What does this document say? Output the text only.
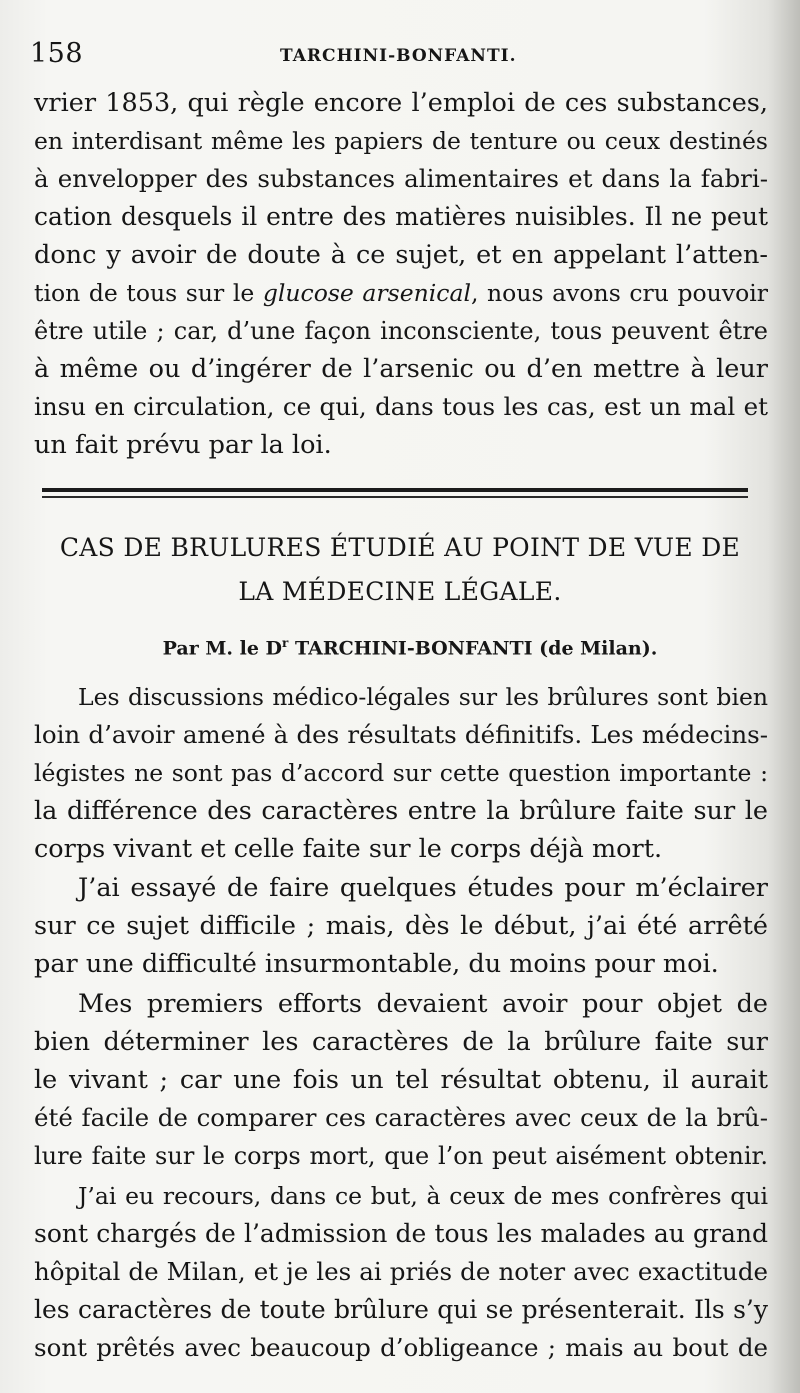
158	TARCHINI-BONFANTI.
vrier 1853, qui règle encore l’emploi de ces substances,
en interdisant même les papiers de tenture ou ceux destinés
à envelopper des substances alimentaires et dans la fabri-
cation desquels il entre des matières nuisibles. Il ne peut
donc y avoir de doute à ce sujet, et en appelant l’atten-
tion de tous sur le glucose arsenical, nous avons cru pouvoir
être utile ; car, d’une façon inconsciente, tous peuvent être
à même ou d’ingérer de l’arsenic ou d’en mettre à leur
insu en circulation, ce qui, dans tous les cas, est un mal et
un fait prévu par la loi.
CAS DE BRULURES ÉTUDIÉ AU POINT DE VUE DE
LA MÉDECINE LÉGALE.
Par M. le $D^r$ TARCHINI-BONFANTI (de Milan).
Les discussions médico-légales sur les brûlures sont bien
loin d’avoir amené à des résultats définitifs. Les médecins-
légistes ne sont pas d’accord sur cette question importante :
la différence des caractères entre la brûlure faite sur le
corps vivant et celle faite sur le corps déjà mort.
J’ai essayé de faire quelques études pour m’éclairer
sur ce sujet difficile ; mais, dès le début, j’ai été arrêté
par une difficulté insurmontable, du moins pour moi.
Mes premiers efforts devaient avoir pour objet de
bien déterminer les caractères de la brûlure faite sur
le vivant ; car une fois un tel résultat obtenu, il aurait
été facile de comparer ces caractères avec ceux de la brû-
lure faite sur le corps mort, que l’on peut aisément obtenir.
J’ai eu recours, dans ce but, à ceux de mes confrères qui
sont chargés de l’admission de tous les malades au grand
hôpital de Milan, et je les ai priés de noter avec exactitude
les caractères de toute brûlure qui se présenterait. Ils s’y
sont prêtés avec beaucoup d’obligeance ; mais au bout de
